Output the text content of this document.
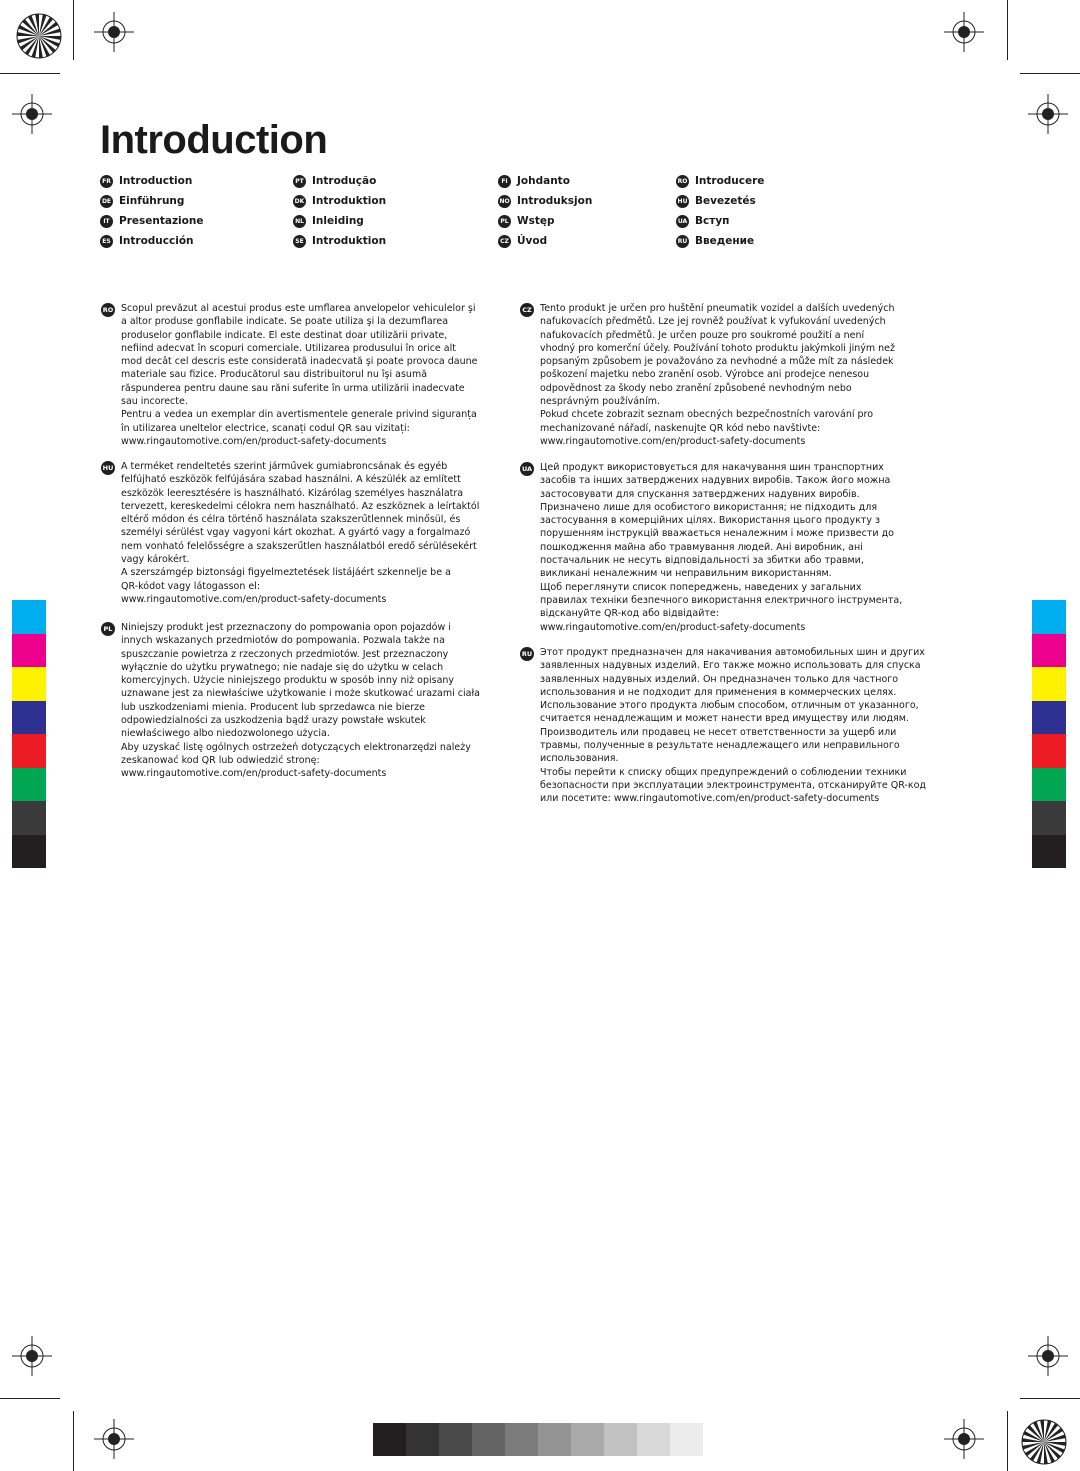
Introduction
FR Introduction
DE Einführung
IT Presentazione
ES Introducción
PT Introdução
DK Introduktion
NL Inleiding
SE Introduktion
FI Johdanto
NO Introduksjon
PL Wstęp
CZ Úvod
RO Introducere
HU Bevezetés
UA Вступ
RU Введение
RO Scopul prevăzut al acestui produs este umflarea anvelopelor vehiculelor şi
a altor produse gonflabile indicate. Se poate utiliza şi la dezumflarea
produselor gonflabile indicate. El este destinat doar utilizării private,
nefiind adecvat în scopuri comerciale. Utilizarea produsului în orice alt
mod decât cel descris este considerată inadecvată şi poate provoca daune
materiale sau fizice. Producătorul sau distribuitorul nu îşi asumă
răspunderea pentru daune sau răni suferite în urma utilizării inadecvate
sau incorecte.
Pentru a vedea un exemplar din avertismentele generale privind siguranța
în utilizarea uneltelor electrice, scanați codul QR sau vizitați:
www.ringautomotive.com/en/product-safety-documents
HU A terméket rendeltetés szerint járművek gumiabroncsának és egyéb
felfújható eszközök felfújására szabad használni. A készülék az említett
eszközök leeresztésére is használható. Kizárólag személyes használatra
tervezett, kereskedelmi célokra nem használható. Az eszköznek a leírtaktól
eltérő módon és célra történő használata szakszerűtlennek minősül, és
személyi sérülést vgay vagyoni kárt okozhat. A gyártó vagy a forgalmazó
nem vonható felelősségre a szakszerűtlen használatból eredő sérülésekért
vagy károkért.
A szerszámgép biztonsági figyelmeztetések listájáért szkennelje be a
QR-kódot vagy látogasson el:
www.ringautomotive.com/en/product-safety-documents
PL Niniejszy produkt jest przeznaczony do pompowania opon pojazdów i
innych wskazanych przedmiotów do pompowania. Pozwala także na
spuszczanie powietrza z rzeczonych przedmiotów. Jest przeznaczony
wyłącznie do użytku prywatnego; nie nadaje się do użytku w celach
komercyjnych. Użycie niniejszego produktu w sposób inny niż opisany
uznawane jest za niewłaściwe użytkowanie i może skutkować urazami ciała
lub uszkodzeniami mienia. Producent lub sprzedawca nie bierze
odpowiedzialności za uszkodzenia bądź urazy powstałe wskutek
niewłaściwego albo niedozwolonego użycia.
Aby uzyskać listę ogólnych ostrzeżeń dotyczących elektronarzędzi należy
zeskanować kod QR lub odwiedzić stronę:
www.ringautomotive.com/en/product-safety-documents
CZ Tento produkt je určen pro huštění pneumatik vozidel a dalších uvedených
nafukovacích předmětů. Lze jej rovněž používat k vyfukování uvedených
nafukovacích předmětů. Je určen pouze pro soukromé použití a není
vhodný pro komerční účely. Používání tohoto produktu jakýmkoli jiným než
popsaným způsobem je považováno za nevhodné a může mít za následek
poškození majetku nebo zranění osob. Výrobce ani prodejce nenesou
odpovědnost za škody nebo zranění způsobené nevhodným nebo
nesprávným používáním.
Pokud chcete zobrazit seznam obecných bezpečnostních varování pro
mechanizované nářadí, naskenujte QR kód nebo navštivte:
www.ringautomotive.com/en/product-safety-documents
UA Цей продукт використовується для накачування шин транспортних
засобів та інших затверджених надувних виробів. Також його можна
застосовувати для спускання затверджених надувних виробів.
Призначено лише для особистого використання; не підходить для
застосування в комерційних цілях. Використання цього продукту з
порушенням інструкцій вважається неналежним і може призвести до
пошкодження майна або травмування людей. Ані виробник, ані
постачальник не несуть відповідальності за збитки або травми,
викликані неналежним чи неправильним використанням.
Щоб переглянути список попереджень, наведених у загальних
правилах техніки безпечного використання електричного інструмента,
відскануйте QR-код або відвідайте:
www.ringautomotive.com/en/product-safety-documents
RU Этот продукт предназначен для накачивания автомобильных шин и других
заявленных надувных изделий. Его также можно использовать для спуска
заявленных надувных изделий. Он предназначен только для частного
использования и не подходит для применения в коммерческих целях.
Использование этого продукта любым способом, отличным от указанного,
считается ненадлежащим и может нанести вред имуществу или людям.
Производитель или продавец не несет ответственности за ущерб или
травмы, полученные в результате ненадлежащего или неправильного
использования.
Чтобы перейти к списку общих предупреждений о соблюдении техники
безопасности при эксплуатации электроинструмента, отсканируйте QR-код
или посетите: www.ringautomotive.com/en/product-safety-documents
